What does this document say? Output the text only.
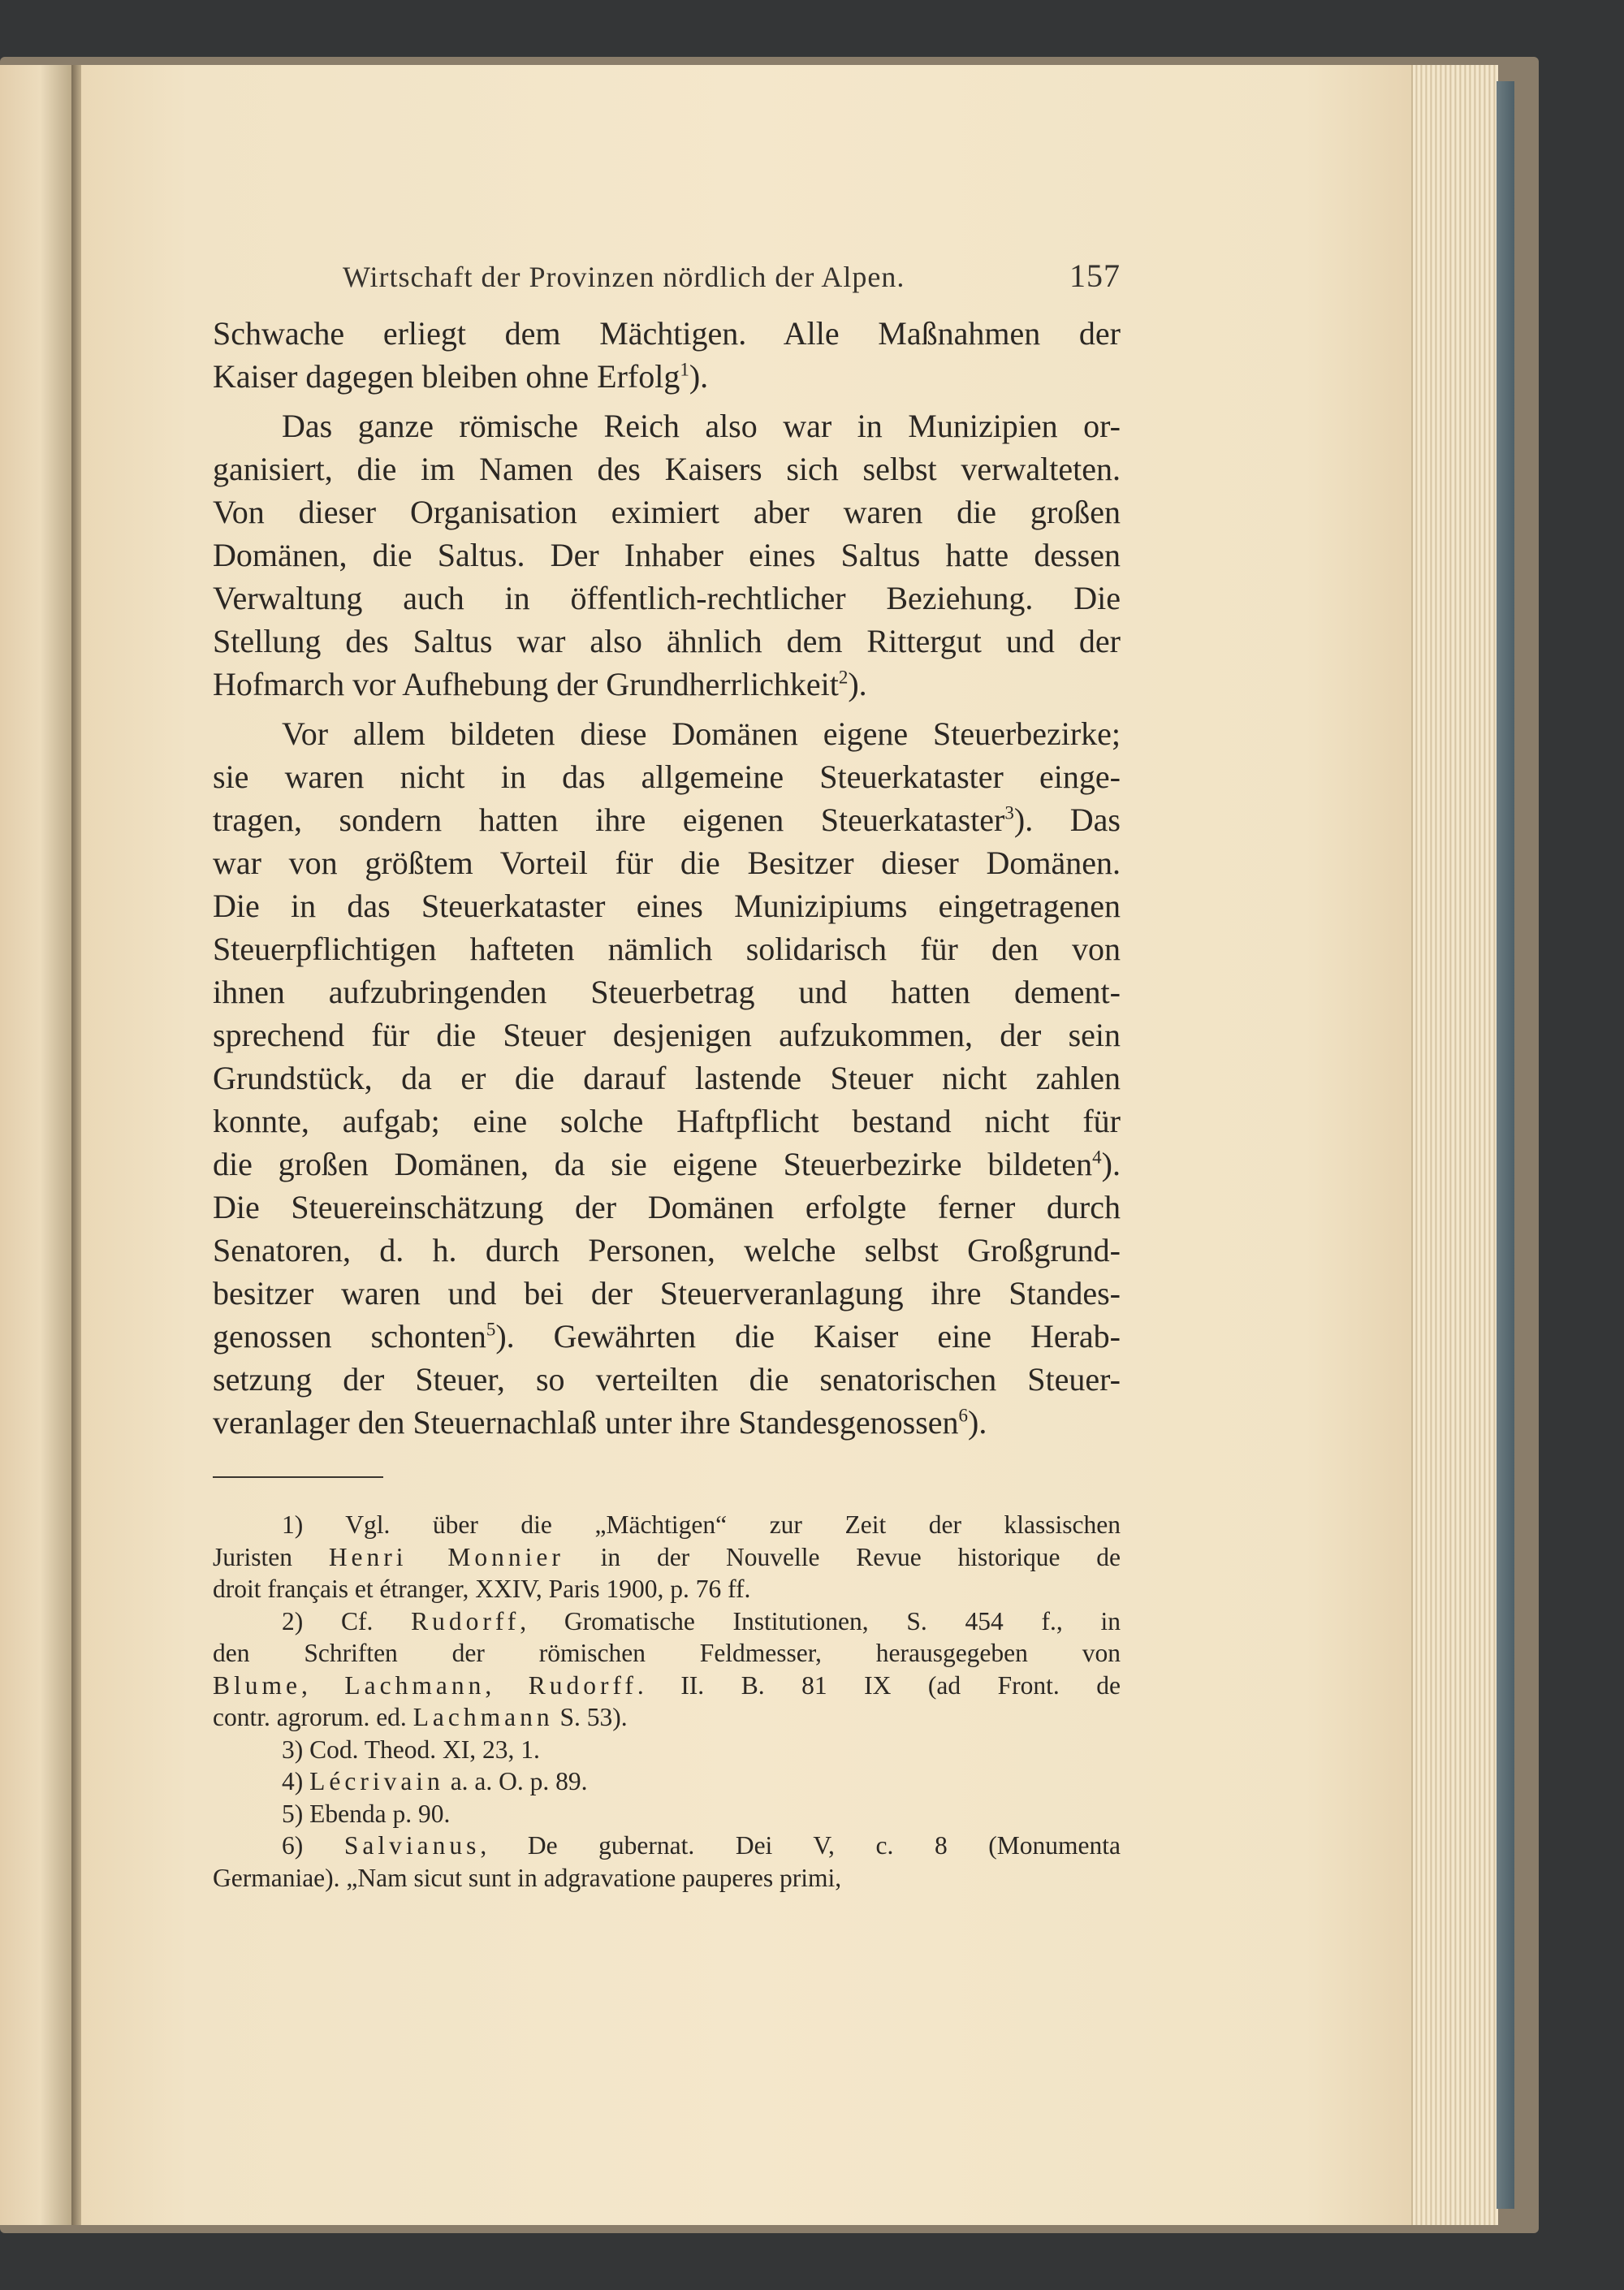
Wirtschaft der Provinzen nördlich der Alpen.	157

Schwache erliegt dem Mächtigen. Alle Maßnahmen der

Kaiser dagegen bleiben ohne Erfolg$^1$).

Das ganze römische Reich also war in Munizipien or-

ganisiert, die im Namen des Kaisers sich selbst verwalteten.

Von dieser Organisation eximiert aber waren die großen

Domänen, die Saltus. Der Inhaber eines Saltus hatte dessen

Verwaltung auch in öffentlich-rechtlicher Beziehung. Die

Stellung des Saltus war also ähnlich dem Rittergut und der

Hofmarch vor Aufhebung der Grundherrlichkeit$^2$).

Vor allem bildeten diese Domänen eigene Steuerbezirke;

sie waren nicht in das allgemeine Steuerkataster einge-

tragen, sondern hatten ihre eigenen Steuerkataster$^3$). Das

war von größtem Vorteil für die Besitzer dieser Domänen.

Die in das Steuerkataster eines Munizipiums eingetragenen

Steuerpflichtigen hafteten nämlich solidarisch für den von

ihnen aufzubringenden Steuerbetrag und hatten dement-

sprechend für die Steuer desjenigen aufzukommen, der sein

Grundstück, da er die darauf lastende Steuer nicht zahlen

konnte, aufgab; eine solche Haftpflicht bestand nicht für

die großen Domänen, da sie eigene Steuerbezirke bildeten$^4$).

Die Steuereinschätzung der Domänen erfolgte ferner durch

Senatoren, d. h. durch Personen, welche selbst Großgrund-

besitzer waren und bei der Steuerveranlagung ihre Standes-

genossen schonten$^5$). Gewährten die Kaiser eine Herab-

setzung der Steuer, so verteilten die senatorischen Steuer-

veranlager den Steuernachlaß unter ihre Standesgenossen$^6$).

1) Vgl. über die „Mächtigen“ zur Zeit der klassischen

Juristen Henri Monnier in der Nouvelle Revue historique de

droit français et étranger, XXIV, Paris 1900, p. 76 ff.

2) Cf. Rudorff, Gromatische Institutionen, S. 454 f., in

den Schriften der römischen Feldmesser, herausgegeben von

Blume, Lachmann, Rudorff. II. B. 81 IX (ad Front. de

contr. agrorum. ed. Lachmann S. 53).

3) Cod. Theod. XI, 23, 1.

4) Lécrivain a. a. O. p. 89.

5) Ebenda p. 90.

6) Salvianus, De gubernat. Dei V, c. 8 (Monumenta

Germaniae). „Nam sicut sunt in adgravatione pauperes primi,
